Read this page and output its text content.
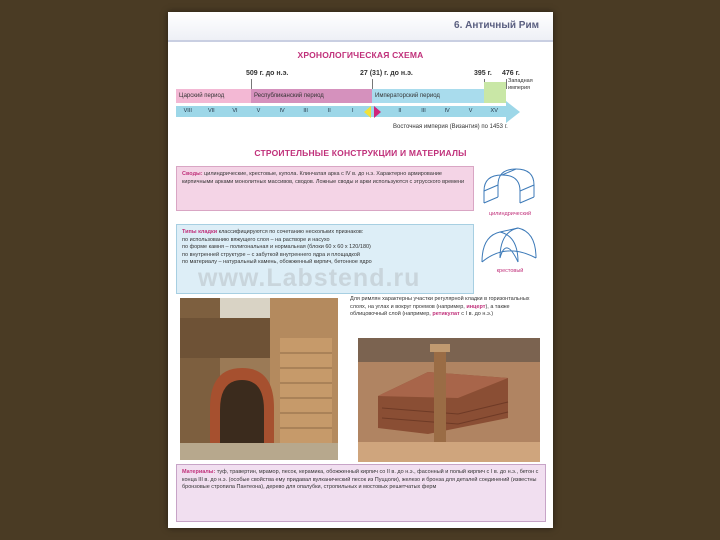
6. Античный Рим
ХРОНОЛОГИЧЕСКАЯ СХЕМА
509 г. до н.э.	27 (31) г. до н.э.	395 г. 476 г.
Царский период	Республиканский период	Императорский период
Западная империя
VIII	VII	VI	V	IV	III	II	I	I	II	III	IV	V	XV
Восточная империя (Византия) по 1453 г.
СТРОИТЕЛЬНЫЕ КОНСТРУКЦИИ И МАТЕРИАЛЫ
Своды: цилиндрические, крестовые, купола. Клинчатая арка с IV в. до н.э. Характерно армирование кирпичными арками монолитных массивов, сводов. Ложные своды и арки используются с этрусского времени
цилиндрический
крестовый
Типы кладки классифицируются по сочетанию нескольких признаков:
по использованию вяжущего слоя – на растворе и насухо
по форме камня – полигональная и нормальная (блоки 60 x 60 x 120/180)
по внутренней структуре – с забуткой внутреннего ядра и площадкой
по материалу – натуральный камень, обожженный кирпич, бетонное ядро
www.Labstend.ru
Для римлян характерны участки регулярной кладки в горизонтальных слоях, на углах и вокруг проемов (например, инцерт), а также облицовочный слой (например, ретикулат с I в. до н.э.)
Материалы: туф, травертин, мрамор, песок, керамика, обожженный кирпич со II в. до н.э., фасонный и полый кирпич с I в. до н.э., бетон с конца III в. до н.э. (особые свойства ему придавал вулканический песок из Пуццоли), железо и бронза для деталей соединений (известны бронзовые стропила Пантеона), дерево для опалубки, стропильных и мостовых решетчатых ферм
